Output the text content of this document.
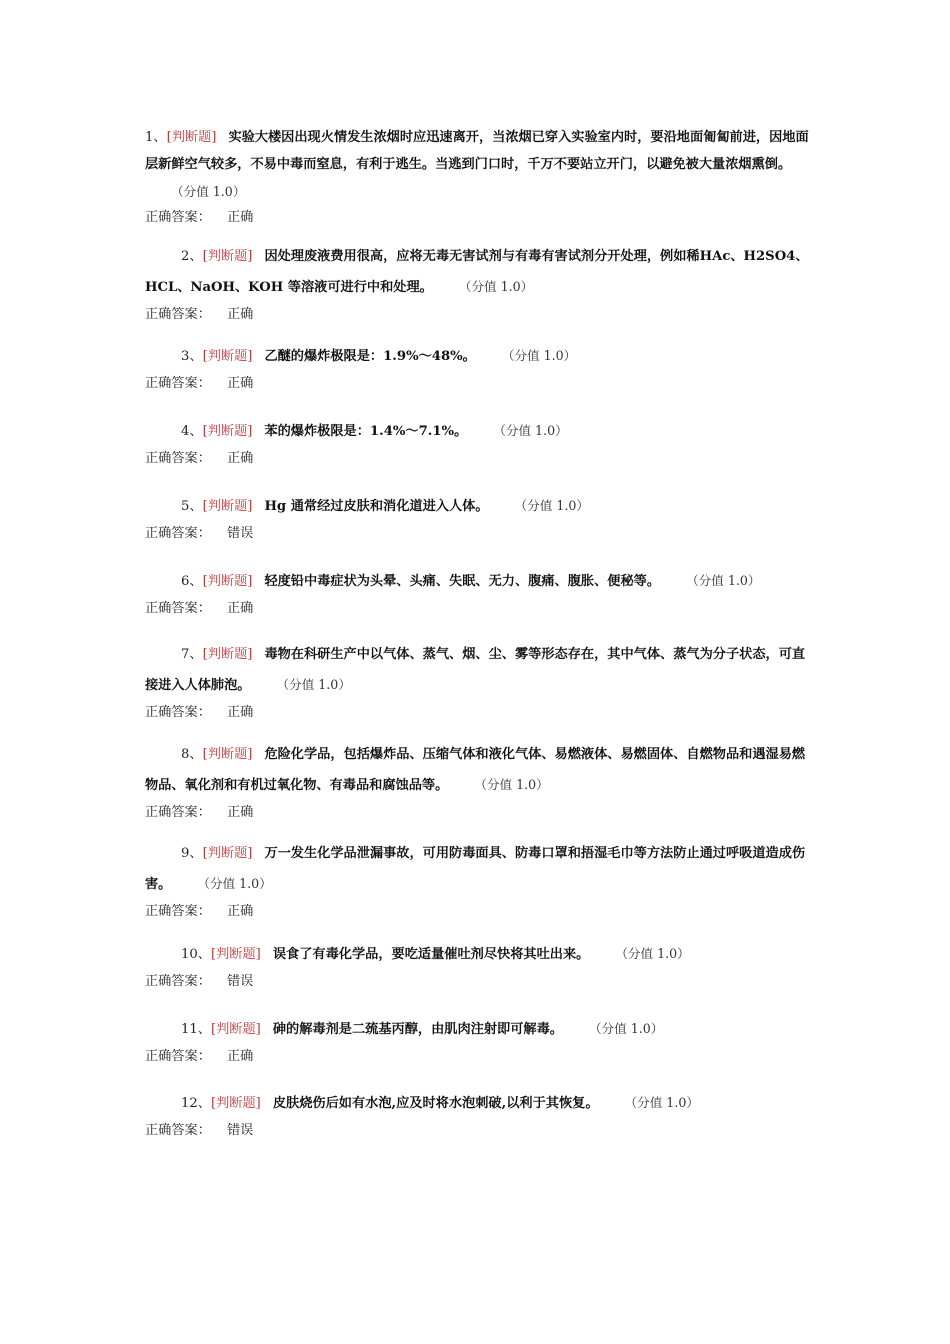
1、[判断题] 实验大楼因出现火情发生浓烟时应迅速离开，当浓烟已穿入实验室内时，要沿地面匍匐前进，因地面层新鲜空气较多，不易中毒而窒息，有利于逃生。当逃到门口时，千万不要站立开门，以避免被大量浓烟熏倒。（分值 1.0）
正确答案： 正确
2、[判断题] 因处理废液费用很高，应将无毒无害试剂与有毒有害试剂分开处理，例如稀HAc、H2SO4、HCL、NaOH、KOH 等溶液可进行中和处理。 （分值 1.0）
正确答案： 正确
3、[判断题] 乙醚的爆炸极限是：1.9%～48%。 （分值 1.0）
正确答案： 正确
4、[判断题] 苯的爆炸极限是：1.4%～7.1%。 （分值 1.0）
正确答案： 正确
5、[判断题] Hg 通常经过皮肤和消化道进入人体。 （分值 1.0）
正确答案： 错误
6、[判断题] 轻度铅中毒症状为头晕、头痛、失眠、无力、腹痛、腹胀、便秘等。 （分值 1.0）
正确答案： 正确
7、[判断题] 毒物在科研生产中以气体、蒸气、烟、尘、雾等形态存在，其中气体、蒸气为分子状态，可直接进入人体肺泡。 （分值 1.0）
正确答案： 正确
8、[判断题] 危险化学品，包括爆炸品、压缩气体和液化气体、易燃液体、易燃固体、自燃物品和遇湿易燃物品、氧化剂和有机过氧化物、有毒品和腐蚀品等。 （分值 1.0）
正确答案： 正确
9、[判断题] 万一发生化学品泄漏事故，可用防毒面具、防毒口罩和捂湿毛巾等方法防止通过呼吸道造成伤害。 （分值 1.0）
正确答案： 正确
10、[判断题] 误食了有毒化学品，要吃适量催吐剂尽快将其吐出来。 （分值 1.0）
正确答案： 错误
11、[判断题] 砷的解毒剂是二巯基丙醇，由肌肉注射即可解毒。 （分值 1.0）
正确答案： 正确
12、[判断题] 皮肤烧伤后如有水泡,应及时将水泡刺破,以利于其恢复。 （分值 1.0）
正确答案： 错误
